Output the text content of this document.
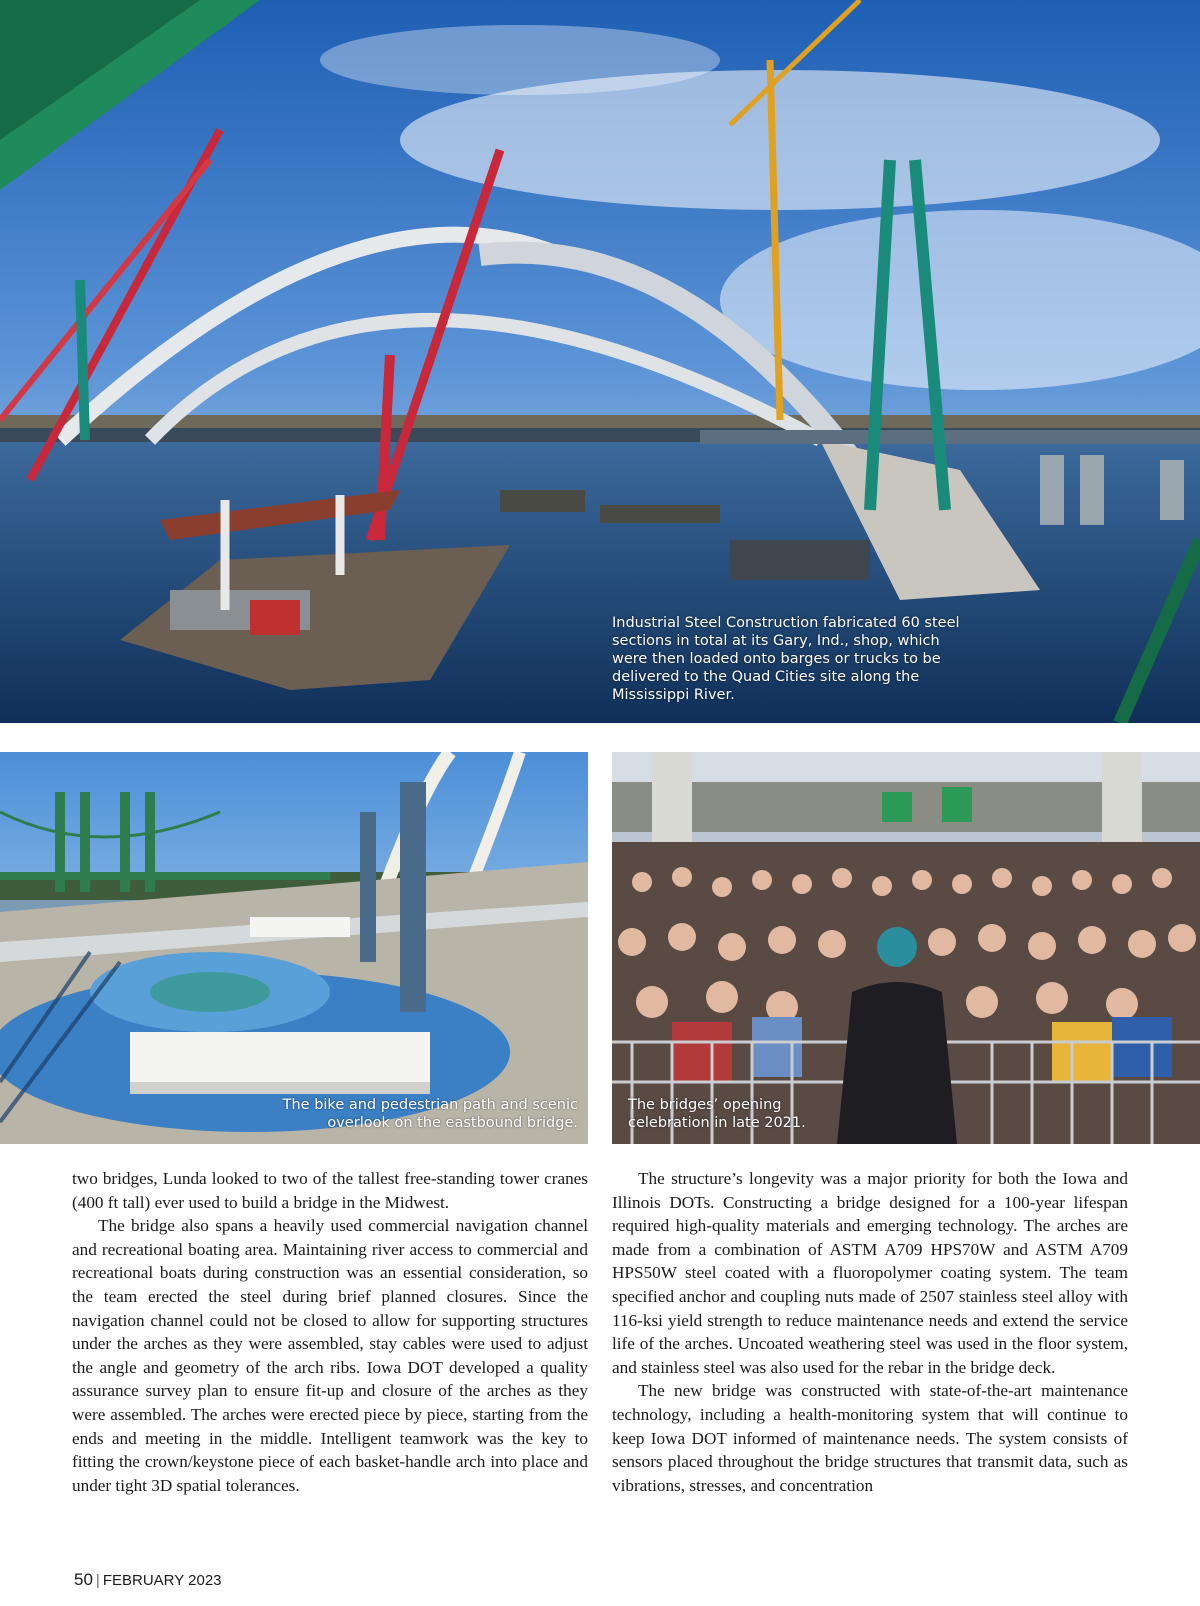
Industrial Steel Construction fabricated 60 steel sections in total at its Gary, Ind., shop, which were then loaded onto barges or trucks to be delivered to the Quad Cities site along the Mississippi River.
The bike and pedestrian path and scenic
overlook on the eastbound bridge.
The bridges’ opening
celebration in late 2021.

two bridges, Lunda looked to two of the tallest free-standing tower cranes (400 ft tall) ever used to build a bridge in the Midwest.

The bridge also spans a heavily used commercial navigation channel and recreational boating area. Maintaining river access to commercial and recreational boats during construction was an essential consideration, so the team erected the steel during brief planned closures. Since the navigation channel could not be closed to allow for supporting structures under the arches as they were assembled, stay cables were used to adjust the angle and geometry of the arch ribs. Iowa DOT developed a quality assurance survey plan to ensure fit-up and closure of the arches as they were assembled. The arches were erected piece by piece, starting from the ends and meeting in the middle. Intelligent teamwork was the key to fitting the crown/keystone piece of each basket-handle arch into place and under tight 3D spatial tolerances.

The structure’s longevity was a major priority for both the Iowa and Illinois DOTs. Constructing a bridge designed for a 100-year lifespan required high-quality materials and emerging technology. The arches are made from a combination of ASTM A709 HPS70W and ASTM A709 HPS50W steel coated with a fluoropolymer coating system. The team specified anchor and coupling nuts made of 2507 stainless steel alloy with 116-ksi yield strength to reduce maintenance needs and extend the service life of the arches. Uncoated weathering steel was used in the floor system, and stainless steel was also used for the rebar in the bridge deck.

The new bridge was constructed with state-of-the-art maintenance technology, including a health-monitoring system that will continue to keep Iowa DOT informed of maintenance needs. The system consists of sensors placed throughout the bridge structures that transmit data, such as vibrations, stresses, and concentration

50 | FEBRUARY 2023
